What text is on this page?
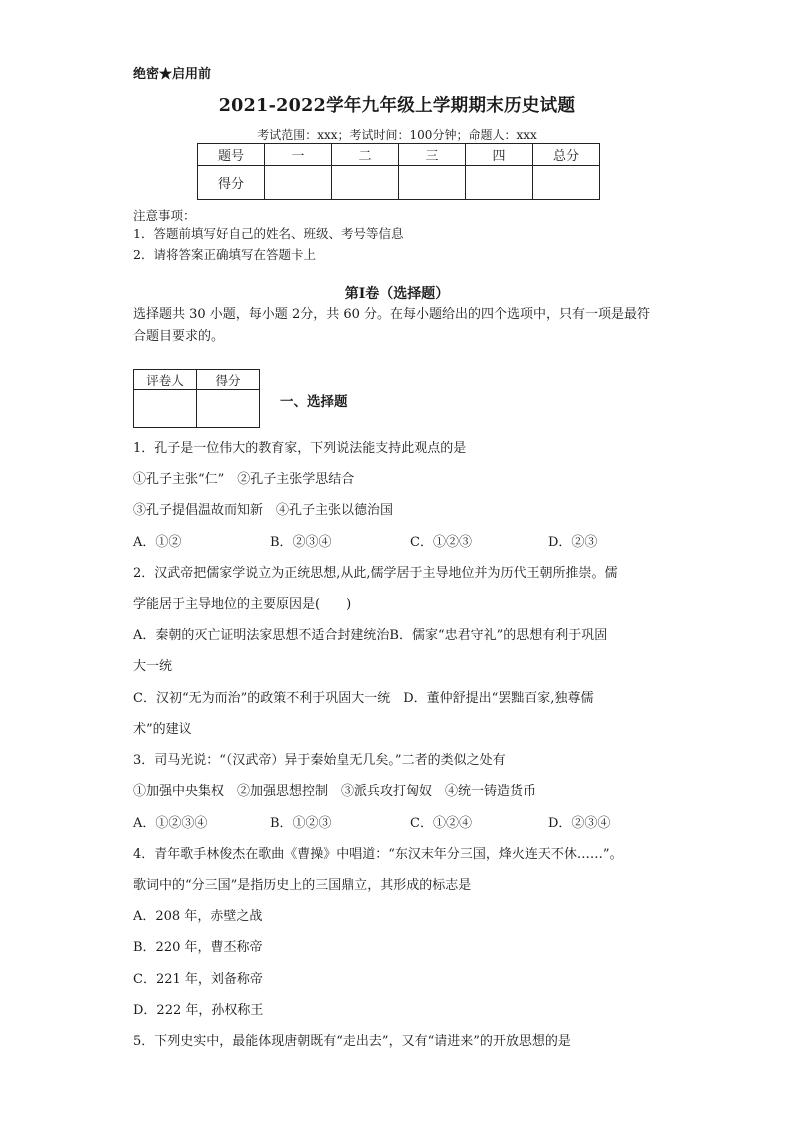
绝密★启用前
2021-2022学年九年级上学期期末历史试题
考试范围：xxx；考试时间：100分钟；命题人：xxx
题号	一	二	三	四	总分
得分					
注意事项：
1．答题前填写好自己的姓名、班级、考号等信息
2．请将答案正确填写在答题卡上
第I卷（选择题）
选择题共 30 小题，每小题 2分，共 60 分。在每小题给出的四个选项中，只有一项是最符合题目要求的。
评卷人	得分

一、选择题
1．孔子是一位伟大的教育家，下列说法能支持此观点的是
①孔子主张“仁”　②孔子主张学思结合
③孔子提倡温故而知新　④孔子主张以德治国
A．①②	B．②③④	C．①②③	D．②③
2．汉武帝把儒家学说立为正统思想,从此,儒学居于主导地位并为历代王朝所推崇。儒
学能居于主导地位的主要原因是(　　)
A．秦朝的灭亡证明法家思想不适合封建统治B．儒家“忠君守礼”的思想有利于巩固
大一统
C．汉初“无为而治”的政策不利于巩固大一统　D．董仲舒提出“罢黜百家,独尊儒
术”的建议
3．司马光说：“（汉武帝）异于秦始皇无几矣。”二者的类似之处有
①加强中央集权　②加强思想控制　③派兵攻打匈奴　④统一铸造货币
A．①②③④	B．①②③	C．①②④	D．②③④
4．青年歌手林俊杰在歌曲《曹操》中唱道：“东汉末年分三国，烽火连天不休……”。
歌词中的“分三国”是指历史上的三国鼎立，其形成的标志是
A．208 年，赤壁之战
B．220 年，曹丕称帝
C．221 年，刘备称帝
D．222 年，孙权称王
5．下列史实中，最能体现唐朝既有“走出去”，又有“请进来”的开放思想的是
